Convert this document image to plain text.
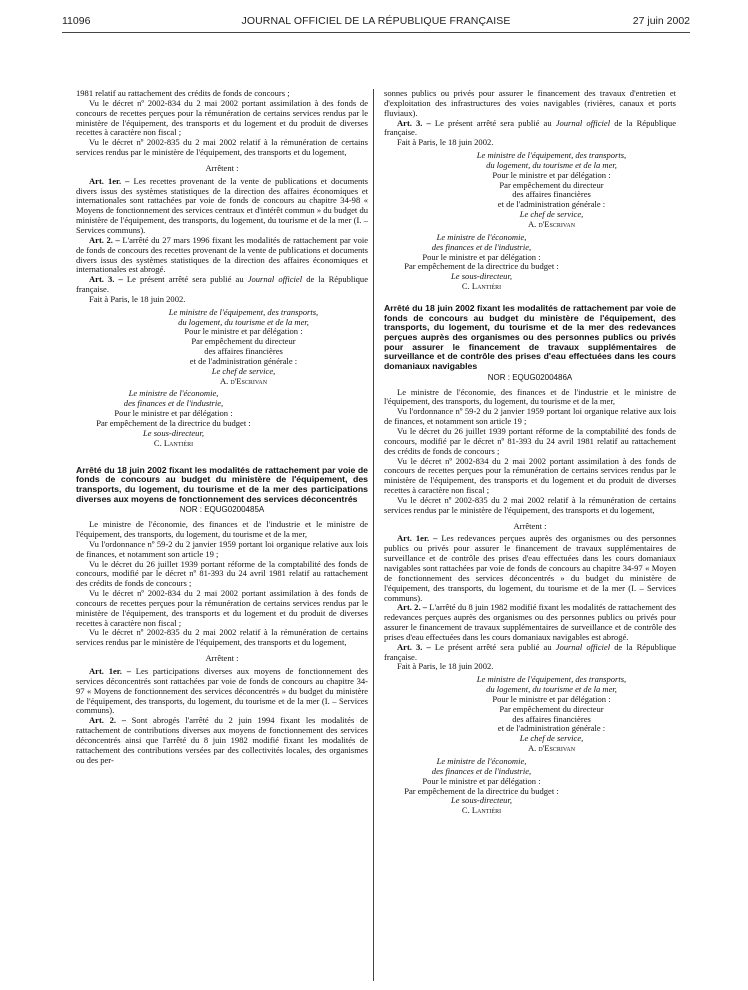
11096	JOURNAL OFFICIEL DE LA RÉPUBLIQUE FRANÇAISE	27 juin 2002

1981 relatif au rattachement des crédits de fonds de concours ;

Vu le décret nº 2002-834 du 2 mai 2002 portant assimilation à des fonds de concours de recettes perçues pour la rémunération de certains services rendus par le ministère de l'équipement, des transports et du logement et du produit de diverses recettes à caractère non fiscal ;

Vu le décret nº 2002-835 du 2 mai 2002 relatif à la rémunération de certains services rendus par le ministère de l'équipement, des transports et du logement,

Arrêtent :

Art. 1er. – Les recettes provenant de la vente de publications et documents divers issus des systèmes statistiques de la direction des affaires économiques et internationales sont rattachées par voie de fonds de concours au chapitre 34-98 « Moyens de fonctionnement des services centraux et d'intérêt commun » du budget du ministère de l'équipement, des transports, du logement, du tourisme et de la mer (I. – Services communs).

Art. 2. – L'arrêté du 27 mars 1996 fixant les modalités de rattachement par voie de fonds de concours des recettes provenant de la vente de publications et documents divers issus des systèmes statistiques de la direction des affaires économiques et internationales est abrogé.

Art. 3. – Le présent arrêté sera publié au Journal officiel de la République française.

Fait à Paris, le 18 juin 2002.

Le ministre de l'équipement, des transports,

du logement, du tourisme et de la mer,

Pour le ministre et par délégation :

Par empêchement du directeur

des affaires financières

et de l'administration générale :

Le chef de service,

A. d'Escrivan

Le ministre de l'économie,

des finances et de l'industrie,

Pour le ministre et par délégation :

Par empêchement de la directrice du budget :

Le sous-directeur,

C. Lantiéri

Arrêté du 18 juin 2002 fixant les modalités de rattachement par voie de fonds de concours au budget du ministère de l'équipement, des transports, du logement, du tourisme et de la mer des participations diverses aux moyens de fonctionnement des services déconcentrés

NOR : EQUG0200485A

Le ministre de l'économie, des finances et de l'industrie et le ministre de l'équipement, des transports, du logement, du tourisme et de la mer,

Vu l'ordonnance nº 59-2 du 2 janvier 1959 portant loi organique relative aux lois de finances, et notamment son article 19 ;

Vu le décret du 26 juillet 1939 portant réforme de la comptabilité des fonds de concours, modifié par le décret nº 81-393 du 24 avril 1981 relatif au rattachement des crédits de fonds de concours ;

Vu le décret nº 2002-834 du 2 mai 2002 portant assimilation à des fonds de concours de recettes perçues pour la rémunération de certains services rendus par le ministère de l'équipement, des transports et du logement et du produit de diverses recettes à caractère non fiscal ;

Vu le décret nº 2002-835 du 2 mai 2002 relatif à la rémunération de certains services rendus par le ministère de l'équipement, des transports et du logement,

Arrêtent :

Art. 1er. – Les participations diverses aux moyens de fonctionnement des services déconcentrés sont rattachées par voie de fonds de concours au chapitre 34-97 « Moyens de fonctionnement des services déconcentrés » du budget du ministère de l'équipement, des transports, du logement, du tourisme et de la mer (I. – Services communs).

Art. 2. – Sont abrogés l'arrêté du 2 juin 1994 fixant les modalités de rattachement de contributions diverses aux moyens de fonctionnement des services déconcentrés ainsi que l'arrêté du 8 juin 1982 modifié fixant les modalités de rattachement des contributions versées par des collectivités locales, des organismes ou des per-

sonnes publics ou privés pour assurer le financement des travaux d'entretien et d'exploitation des infrastructures des voies navigables (rivières, canaux et ports fluviaux).

Art. 3. – Le présent arrêté sera publié au Journal officiel de la République française.

Fait à Paris, le 18 juin 2002.

Le ministre de l'équipement, des transports,

du logement, du tourisme et de la mer,

Pour le ministre et par délégation :

Par empêchement du directeur

des affaires financières

et de l'administration générale :

Le chef de service,

A. d'Escrivan

Le ministre de l'économie,

des finances et de l'industrie,

Pour le ministre et par délégation :

Par empêchement de la directrice du budget :

Le sous-directeur,

C. Lantiéri

Arrêté du 18 juin 2002 fixant les modalités de rattachement par voie de fonds de concours au budget du ministère de l'équipement, des transports, du logement, du tourisme et de la mer des redevances perçues auprès des organismes ou des personnes publics ou privés pour assurer le financement de travaux supplémentaires de surveillance et de contrôle des prises d'eau effectuées dans les cours domaniaux navigables

NOR : EQUG0200486A

Le ministre de l'économie, des finances et de l'industrie et le ministre de l'équipement, des transports, du logement, du tourisme et de la mer,

Vu l'ordonnance nº 59-2 du 2 janvier 1959 portant loi organique relative aux lois de finances, et notamment son article 19 ;

Vu le décret du 26 juillet 1939 portant réforme de la comptabilité des fonds de concours, modifié par le décret nº 81-393 du 24 avril 1981 relatif au rattachement des crédits de fonds de concours ;

Vu le décret nº 2002-834 du 2 mai 2002 portant assimilation à des fonds de concours de recettes perçues pour la rémunération de certains services rendus par le ministère de l'équipement, des transports et du logement et du produit de diverses recettes à caractère non fiscal ;

Vu le décret nº 2002-835 du 2 mai 2002 relatif à la rémunération de certains services rendus par le ministère de l'équipement, des transports et du logement,

Arrêtent :

Art. 1er. – Les redevances perçues auprès des organismes ou des personnes publics ou privés pour assurer le financement de travaux supplémentaires de surveillance et de contrôle des prises d'eau effectuées dans les cours domaniaux navigables sont rattachées par voie de fonds de concours au chapitre 34-97 « Moyen de fonctionnement des services déconcentrés » du budget du ministère de l'équipement, des transports, du logement, du tourisme et de la mer (I. – Services communs).

Art. 2. – L'arrêté du 8 juin 1982 modifié fixant les modalités de rattachement des redevances perçues auprès des organismes ou des personnes publics ou privés pour assurer le financement de travaux supplémentaires de surveillance et de contrôle des prises d'eau effectuées dans les cours domaniaux navigables est abrogé.

Art. 3. – Le présent arrêté sera publié au Journal officiel de la République française.

Fait à Paris, le 18 juin 2002.

Le ministre de l'équipement, des transports,

du logement, du tourisme et de la mer,

Pour le ministre et par délégation :

Par empêchement du directeur

des affaires financières

et de l'administration générale :

Le chef de service,

A. d'Escrivan

Le ministre de l'économie,

des finances et de l'industrie,

Pour le ministre et par délégation :

Par empêchement de la directrice du budget :

Le sous-directeur,

C. Lantiéri
